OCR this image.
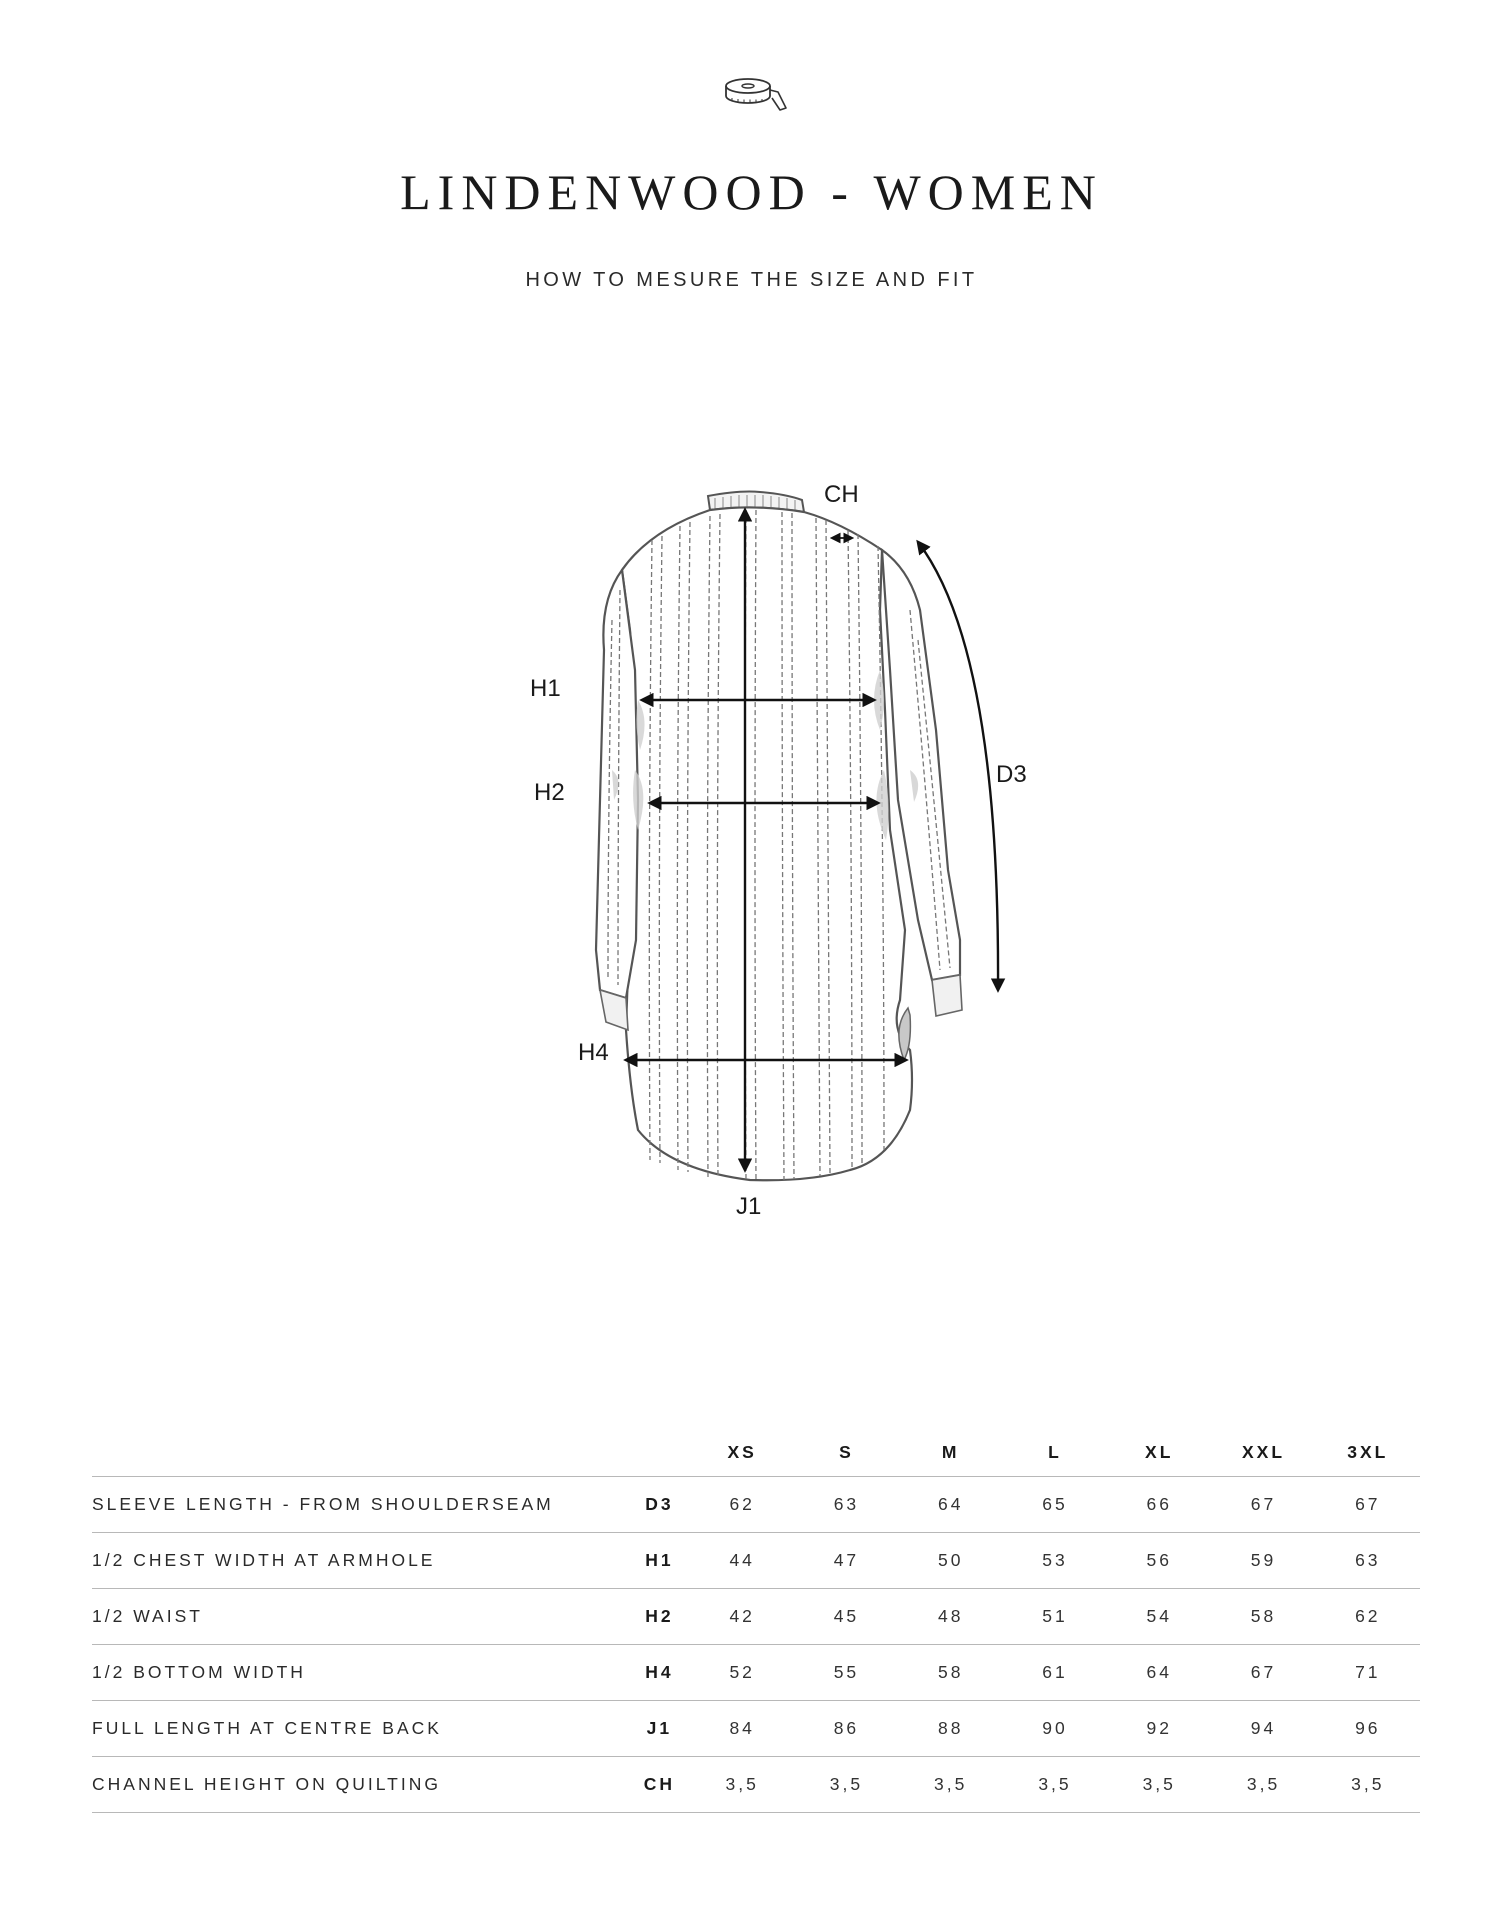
LINDENWOOD - WOMEN
HOW TO MESURE THE SIZE AND FIT
CH
H1
H2
D3
H4
J1
		XS	S	M	L	XL	XXL	3XL
SLEEVE LENGTH - FROM SHOULDERSEAM	D3	62	63	64	65	66	67	67
1/2 CHEST WIDTH AT ARMHOLE	H1	44	47	50	53	56	59	63
1/2 WAIST	H2	42	45	48	51	54	58	62
1/2 BOTTOM WIDTH	H4	52	55	58	61	64	67	71
FULL LENGTH AT CENTRE BACK	J1	84	86	88	90	92	94	96
CHANNEL HEIGHT ON QUILTING	CH	3,5	3,5	3,5	3,5	3,5	3,5	3,5
